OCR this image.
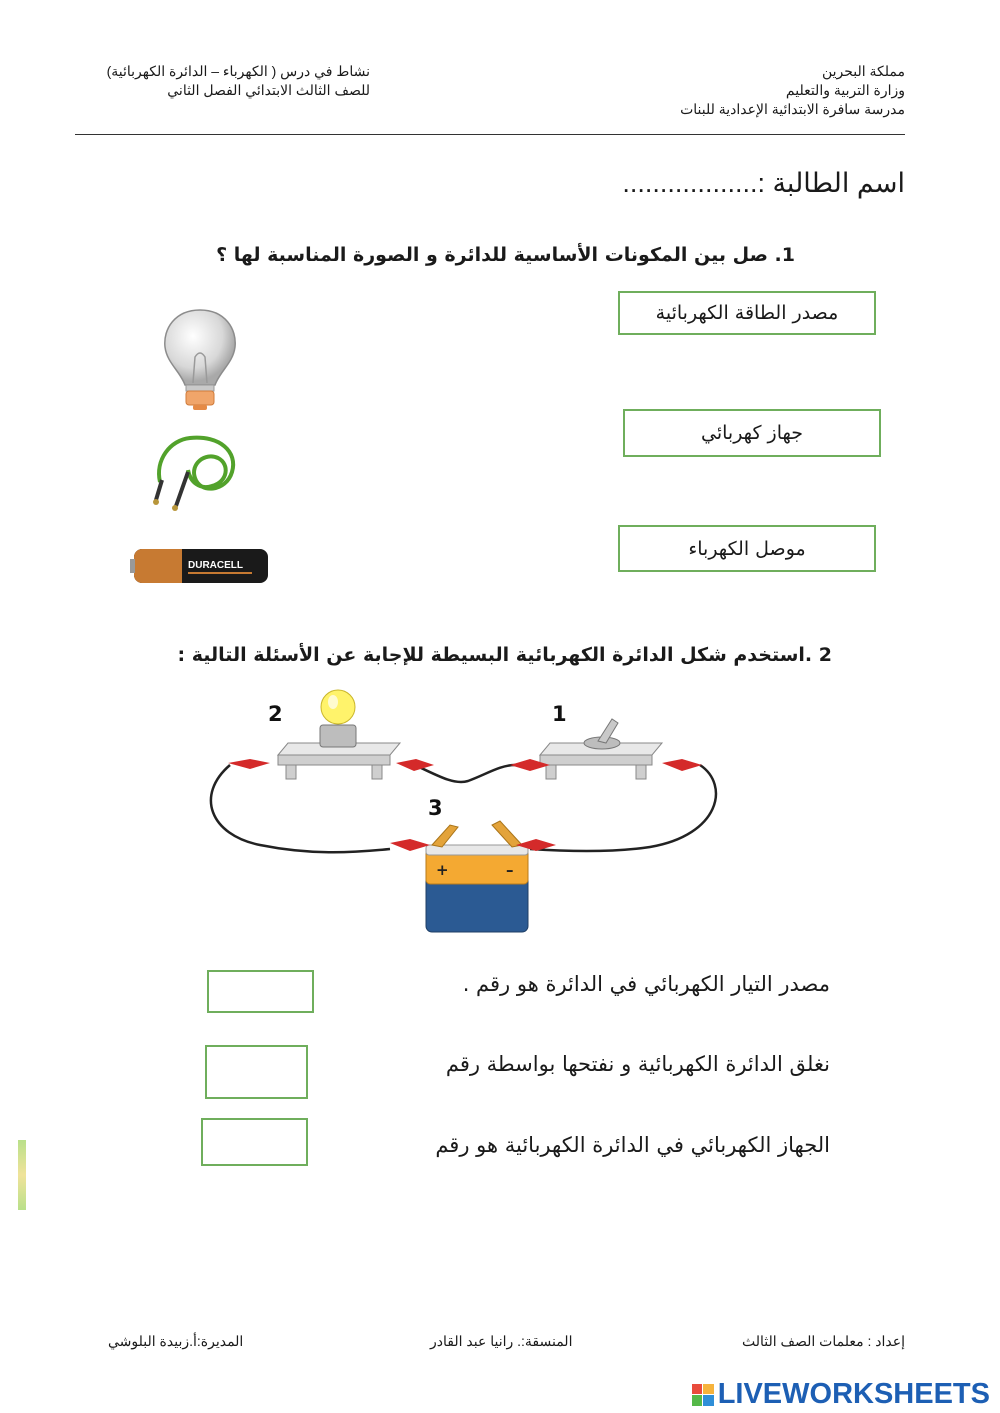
مملكة البحرين
وزارة التربية والتعليم
مدرسة سافرة الابتدائية الإعدادية للبنات
نشاط في درس ( الكهرباء – الدائرة الكهربائية)
للصف الثالث الابتدائي الفصل الثاني
اسم الطالبة :..................
1. صل بين المكونات الأساسية للدائرة و الصورة المناسبة لها ؟
مصدر الطاقة الكهربائية
جهاز كهربائي
موصل الكهرباء
DURACELL
2 .استخدم شكل الدائرة الكهربائية البسيطة للإجابة عن الأسئلة التالية :
+	–
2	1
3
مصدر التيار الكهربائي في الدائرة هو رقم .
نغلق الدائرة الكهربائية و نفتحها بواسطة رقم
الجهاز الكهربائي في الدائرة الكهربائية هو رقم
إعداد : معلمات الصف الثالث
المنسقة:. رانيا عبد القادر
المديرة:أ.زبيدة البلوشي
LIVEWORKSHEETS
